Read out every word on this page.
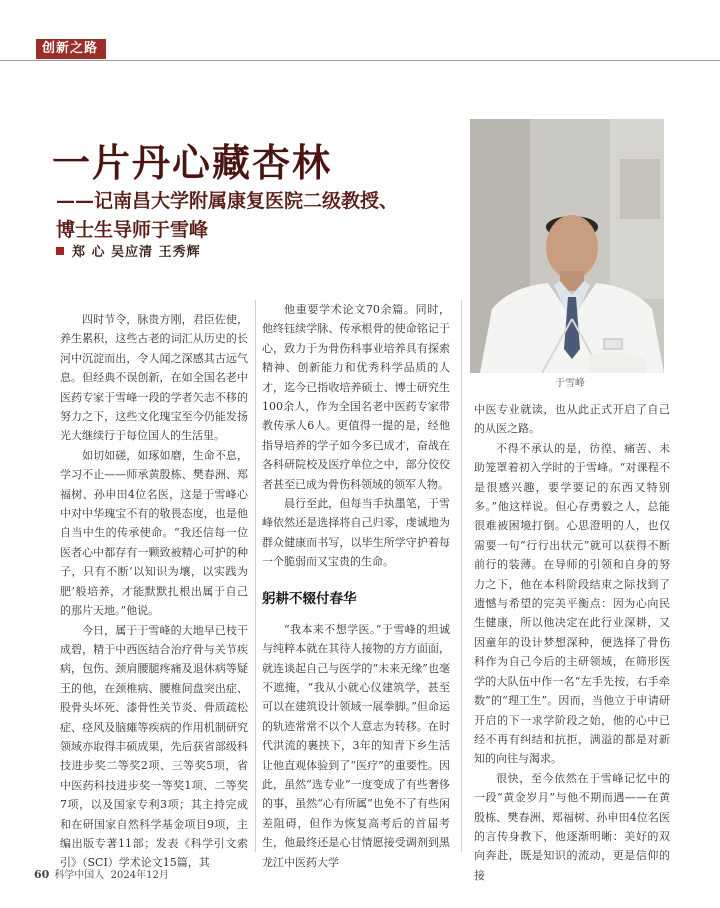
创新之路
一片丹心藏杏林
——记南昌大学附属康复医院二级教授、
博士生导师于雪峰
郑 心 吴应清 王秀辉
于雪峰

四时节令，脉贵方刚，君臣佐使，养生累积，这些古老的词汇从历史的长河中沉淀而出，令人闻之深感其古远气息。但经典不误创新，在如全国名老中医药专家于雪峰一段的学者矢志不移的努力之下，这些文化瑰宝至今仍能发扬光大继续行于每位国人的生活里。

如切如磋，如琢如磨，生命不息，学习不止——师承黄殷栋、樊春洲、郑福树、孙申田4位名医，这是于雪峰心中对中华瑰宝不有的敬畏态度，也是他自当中生的传承使命。“我还信每一位医者心中都存有一颗致被精心可护的种子，只有不断‘以知识为壤，以实践为肥’般培养，才能默默扎根出属于自己的那片天地。”他说。

今日，属于于雪峰的大地早已枝干成碧，精于中西医结合治疗骨与关节疾病，包伤、颈肩腰腿疼痛及退休病等疑王的他，在颈椎病、腰椎间盘突出症、股骨头坏死、漆骨性关节炎、骨质疏松症、痉风及脑瘫等疾病的作用机制研究领域亦取得丰硕成果，先后获省部级科技进步奖二等奖2项、三等奖5项，省中医药科技进步奖一等奖1项、二等奖7项，以及国家专利3项；其主持完成和在研国家自然科学基金项目9项，主编出版专著11部；发表《科学引文索引》（SCI）学术论文15篇，其

他重要学术论文70余篇。同时，他终钰续学脉、传承根骨的使命铭记于心，致力于为骨伤科事业培养具有探索精神、创新能力和优秀科学品质的人才，迄今已指收培养硕士、博士研究生100余人，作为全国名老中医药专家带教传承人6人。更值得一提的是，经他指导培养的学子如今多已成才，奋战在各科研院校及医疗单位之中，部分佼佼者甚至已成为骨伤科领域的领军人物。

晨行至此，但每当手执墨笔，于雪峰依然还是选择将自己归零，虔诚地为群众健康而书写，以毕生所学守护着每一个脆弱而又宝贵的生命。

躬耕不辍付春华

“我本来不想学医。”于雪峰的坦诚与纯粹本就在其待人接物的方方面面，就连谈起自己与医学的“未来无缘”也毫不遮掩，“我从小就心仪建筑学，甚至可以在建筑设计领域一展拳脚。”但命运的轨迹常常不以个人意志为转移。在时代洪流的裹挟下，3年的知青下乡生活让他直观体验到了“医疗”的重要性。因此，虽然“选专业”一度变成了有些奢侈的事，虽然“心有所属”也免不了有些闲差阻碍，但作为恢复高考后的首届考生，他最终还是心甘情愿接受调剂到黑龙江中医药大学

中医专业就读，也从此正式开启了自己的从医之路。

不得不承认的是，彷徨、痛苦、未助笼罩着初入学时的于雪峰。“对课程不是很感兴趣，要学要记的东西又特别多。”他这样说。但心存勇毅之人，总能很难被困境打倒。心思澄明的人，也仅需要一句“行行出状元”就可以获得不断前行的装薄。在导师的引领和自身的努力之下，他在本科阶段结束之际找到了遗憾与希望的完美平衡点：因为心向民生健康，所以他决定在此行业深耕，又因童年的设计梦想深种，便选择了骨伤科作为自己今后的主研领域，在筛形医学的大队伍中作一名“左手先按，右手牵数”的“理工生”。因而，当他立于申请研开启的下一求学阶段之始，他的心中已经不再有纠结和抗拒，满溢的都是对新知的向往与渴求。

很快，至今依然在于雪峰记忆中的一段“黄金岁月”与他不期而遇——在黄殷栋、樊春洲、郑福树、孙申田4位名医的言传身教下，他逐渐明晰：美好的双向奔赴，既是知识的流动，更是信仰的接

60 科学中国人 2024年12月
